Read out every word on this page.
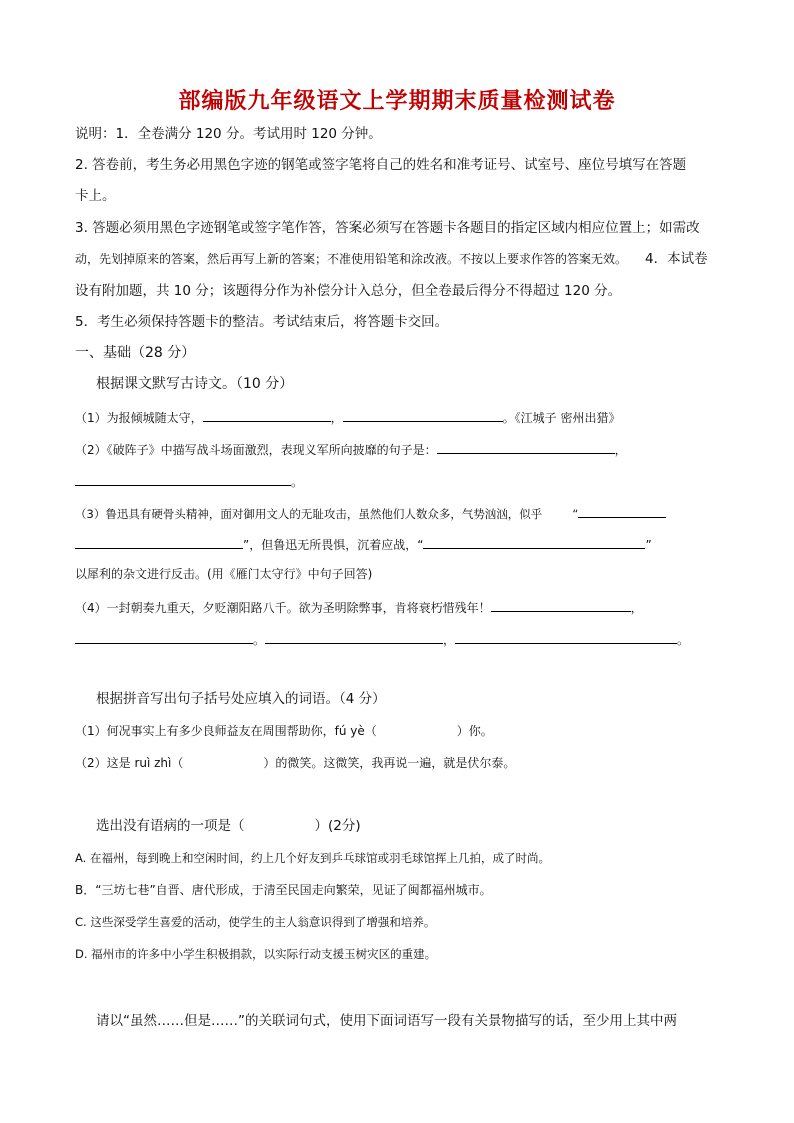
部编版九年级语文上学期期末质量检测试卷
说明：1．全卷满分 120 分。考试用时 120 分钟。
2. 答卷前，考生务必用黑色字迹的钢笔或签字笔将自己的姓名和准考证号、试室号、座位号填写在答题
卡上。
3. 答题必须用黑色字迹钢笔或签字笔作答，答案必须写在答题卡各题目的指定区域内相应位置上；如需改
动，先划掉原来的答案，然后再写上新的答案；不准使用铅笔和涂改液。不按以上要求作答的答案无效。 4．本试卷
设有附加题，共 10 分；该题得分作为补偿分计入总分，但全卷最后得分不得超过 120 分。
5．考生必须保持答题卡的整洁。考试结束后，将答题卡交回。
一、基础（28 分）
根据课文默写古诗文。（10 分）
（1）为报倾城随太守，	，	。《江城子 密州出猎》
（2）《破阵子》中描写战斗场面激烈，表现义军所向披靡的句子是：	，
。
（3）鲁迅具有硬骨头精神，面对御用文人的无耻攻击，虽然他们人数众多，气势汹汹，似乎	“
”，但鲁迅无所畏惧，沉着应战，“	”
以犀利的杂文进行反击。(用《雁门太守行》中句子回答)
（4）一封朝奏九重天，夕贬潮阳路八千。欲为圣明除弊事，肯将衰朽惜残年！	，
。	，	。
根据拼音写出句子括号处应填入的词语。（4 分）
（1）何况事实上有多少良师益友在周围帮助你，fú yè（	）你。
（2）这是 ruì zhì（	）的微笑。这微笑，我再说一遍，就是伏尔泰。
选出没有语病的一项是（	）(2分)
A. 在福州，每到晚上和空闲时间，约上几个好友到乒乓球馆或羽毛球馆挥上几拍，成了时尚。
B．“三坊七巷”自晋、唐代形成，于清至民国走向繁荣，见证了闽都福州城市。
C. 这些深受学生喜爱的活动，使学生的主人翁意识得到了增强和培养。
D. 福州市的许多中小学生积极捐款，以实际行动支援玉树灾区的重建。
请以“虽然……但是……”的关联词句式，使用下面词语写一段有关景物描写的话，至少用上其中两
